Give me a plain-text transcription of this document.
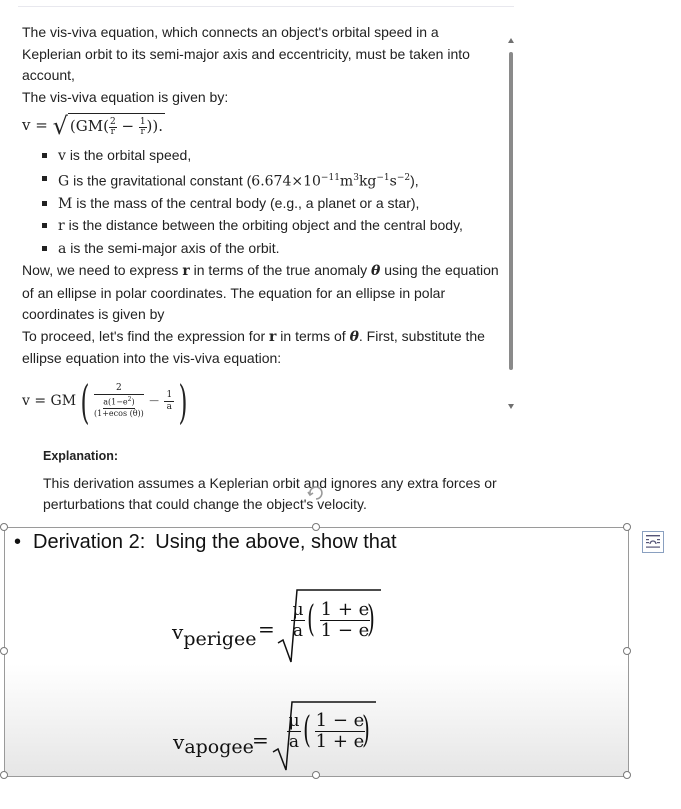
The vis-viva equation, which connects an object's orbital speed in a Keplerian orbit to its semi-major axis and eccentricity, must be taken into account,

The vis-viva equation is given by:

v =
√ ($GM( \frac{2}{r} - \frac{1}{r}$ )).
v is the orbital speed,
G is the gravitational constant $(6.674\times 10^{-11}m^3kg^{-1}s^{-2})$,
M is the mass of the central body (e.g., a planet or a star),
r is the distance between the orbiting object and the central body,
a is the semi-major axis of the orbit.

Now, we need to express r in terms of the true anomaly θ using the equation of an ellipse in polar coordinates. The equation for an ellipse in polar coordinates is given by

To proceed, let's find the expression for r in terms of θ. First, substitute the ellipse equation into the vis-viva equation:

v = GM (	2
$a(1-e^2)$
(1+ecos (θ))

−
$\frac{1}{a}$ )
Explanation:
This derivation assumes a Keplerian orbit and ignores any extra forces or perturbations that could change the object's velocity.
• Derivation 2: Using the above, show that
vperigee = $\frac{\mu}{a}$ ( $\frac{1 + e}{1 - e}$
)
vapogee
= $\frac{\mu}{a}$ ( $\frac{1 - e}{1 + e}$
)
